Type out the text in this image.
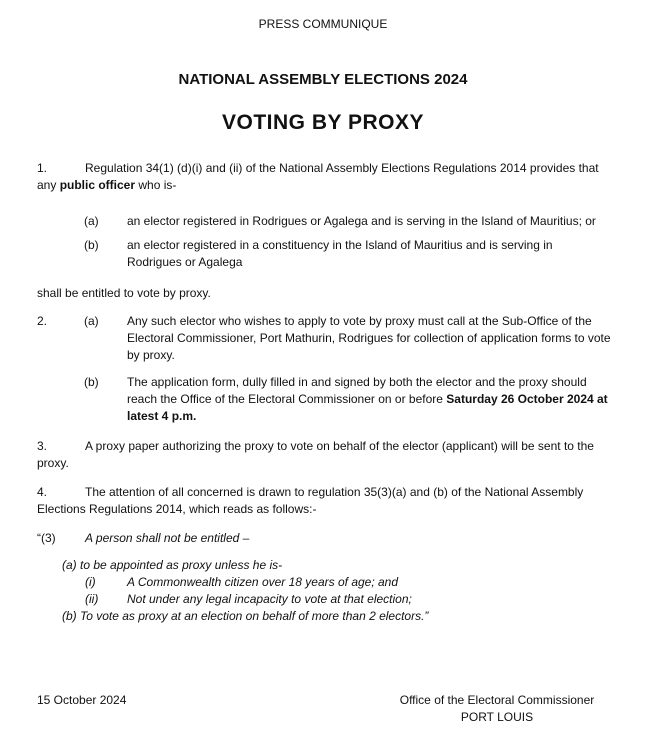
PRESS COMMUNIQUE
NATIONAL ASSEMBLY ELECTIONS 2024
VOTING BY PROXY
1.	Regulation 34(1) (d)(i) and (ii) of the National Assembly Elections Regulations 2014 provides that
any public officer who is-
(a) an elector registered in Rodrigues or Agalega and is serving in the Island of Mauritius; or
(b) an elector registered in a constituency in the Island of Mauritius and is serving in
Rodrigues or Agalega
shall be entitled to vote by proxy.
2.	(a) Any such elector who wishes to apply to vote by proxy must call at the Sub-Office of the
Electoral Commissioner, Port Mathurin, Rodrigues for collection of application forms to vote
by proxy.
(b) The application form, dully filled in and signed by both the elector and the proxy should
reach the Office of the Electoral Commissioner on or before Saturday 26 October 2024 at
latest 4 p.m.
3.	A proxy paper authorizing the proxy to vote on behalf of the elector (applicant) will be sent to the
proxy.
4.	The attention of all concerned is drawn to regulation 35(3)(a) and (b) of the National Assembly
Elections Regulations 2014, which reads as follows:-
“(3) A person shall not be entitled –
(a) to be appointed as proxy unless he is-
(i)	A Commonwealth citizen over 18 years of age; and
(ii) Not under any legal incapacity to vote at that election;
(b) To vote as proxy at an election on behalf of more than 2 electors.”
15 October 2024	Office of the Electoral Commissioner
PORT LOUIS
